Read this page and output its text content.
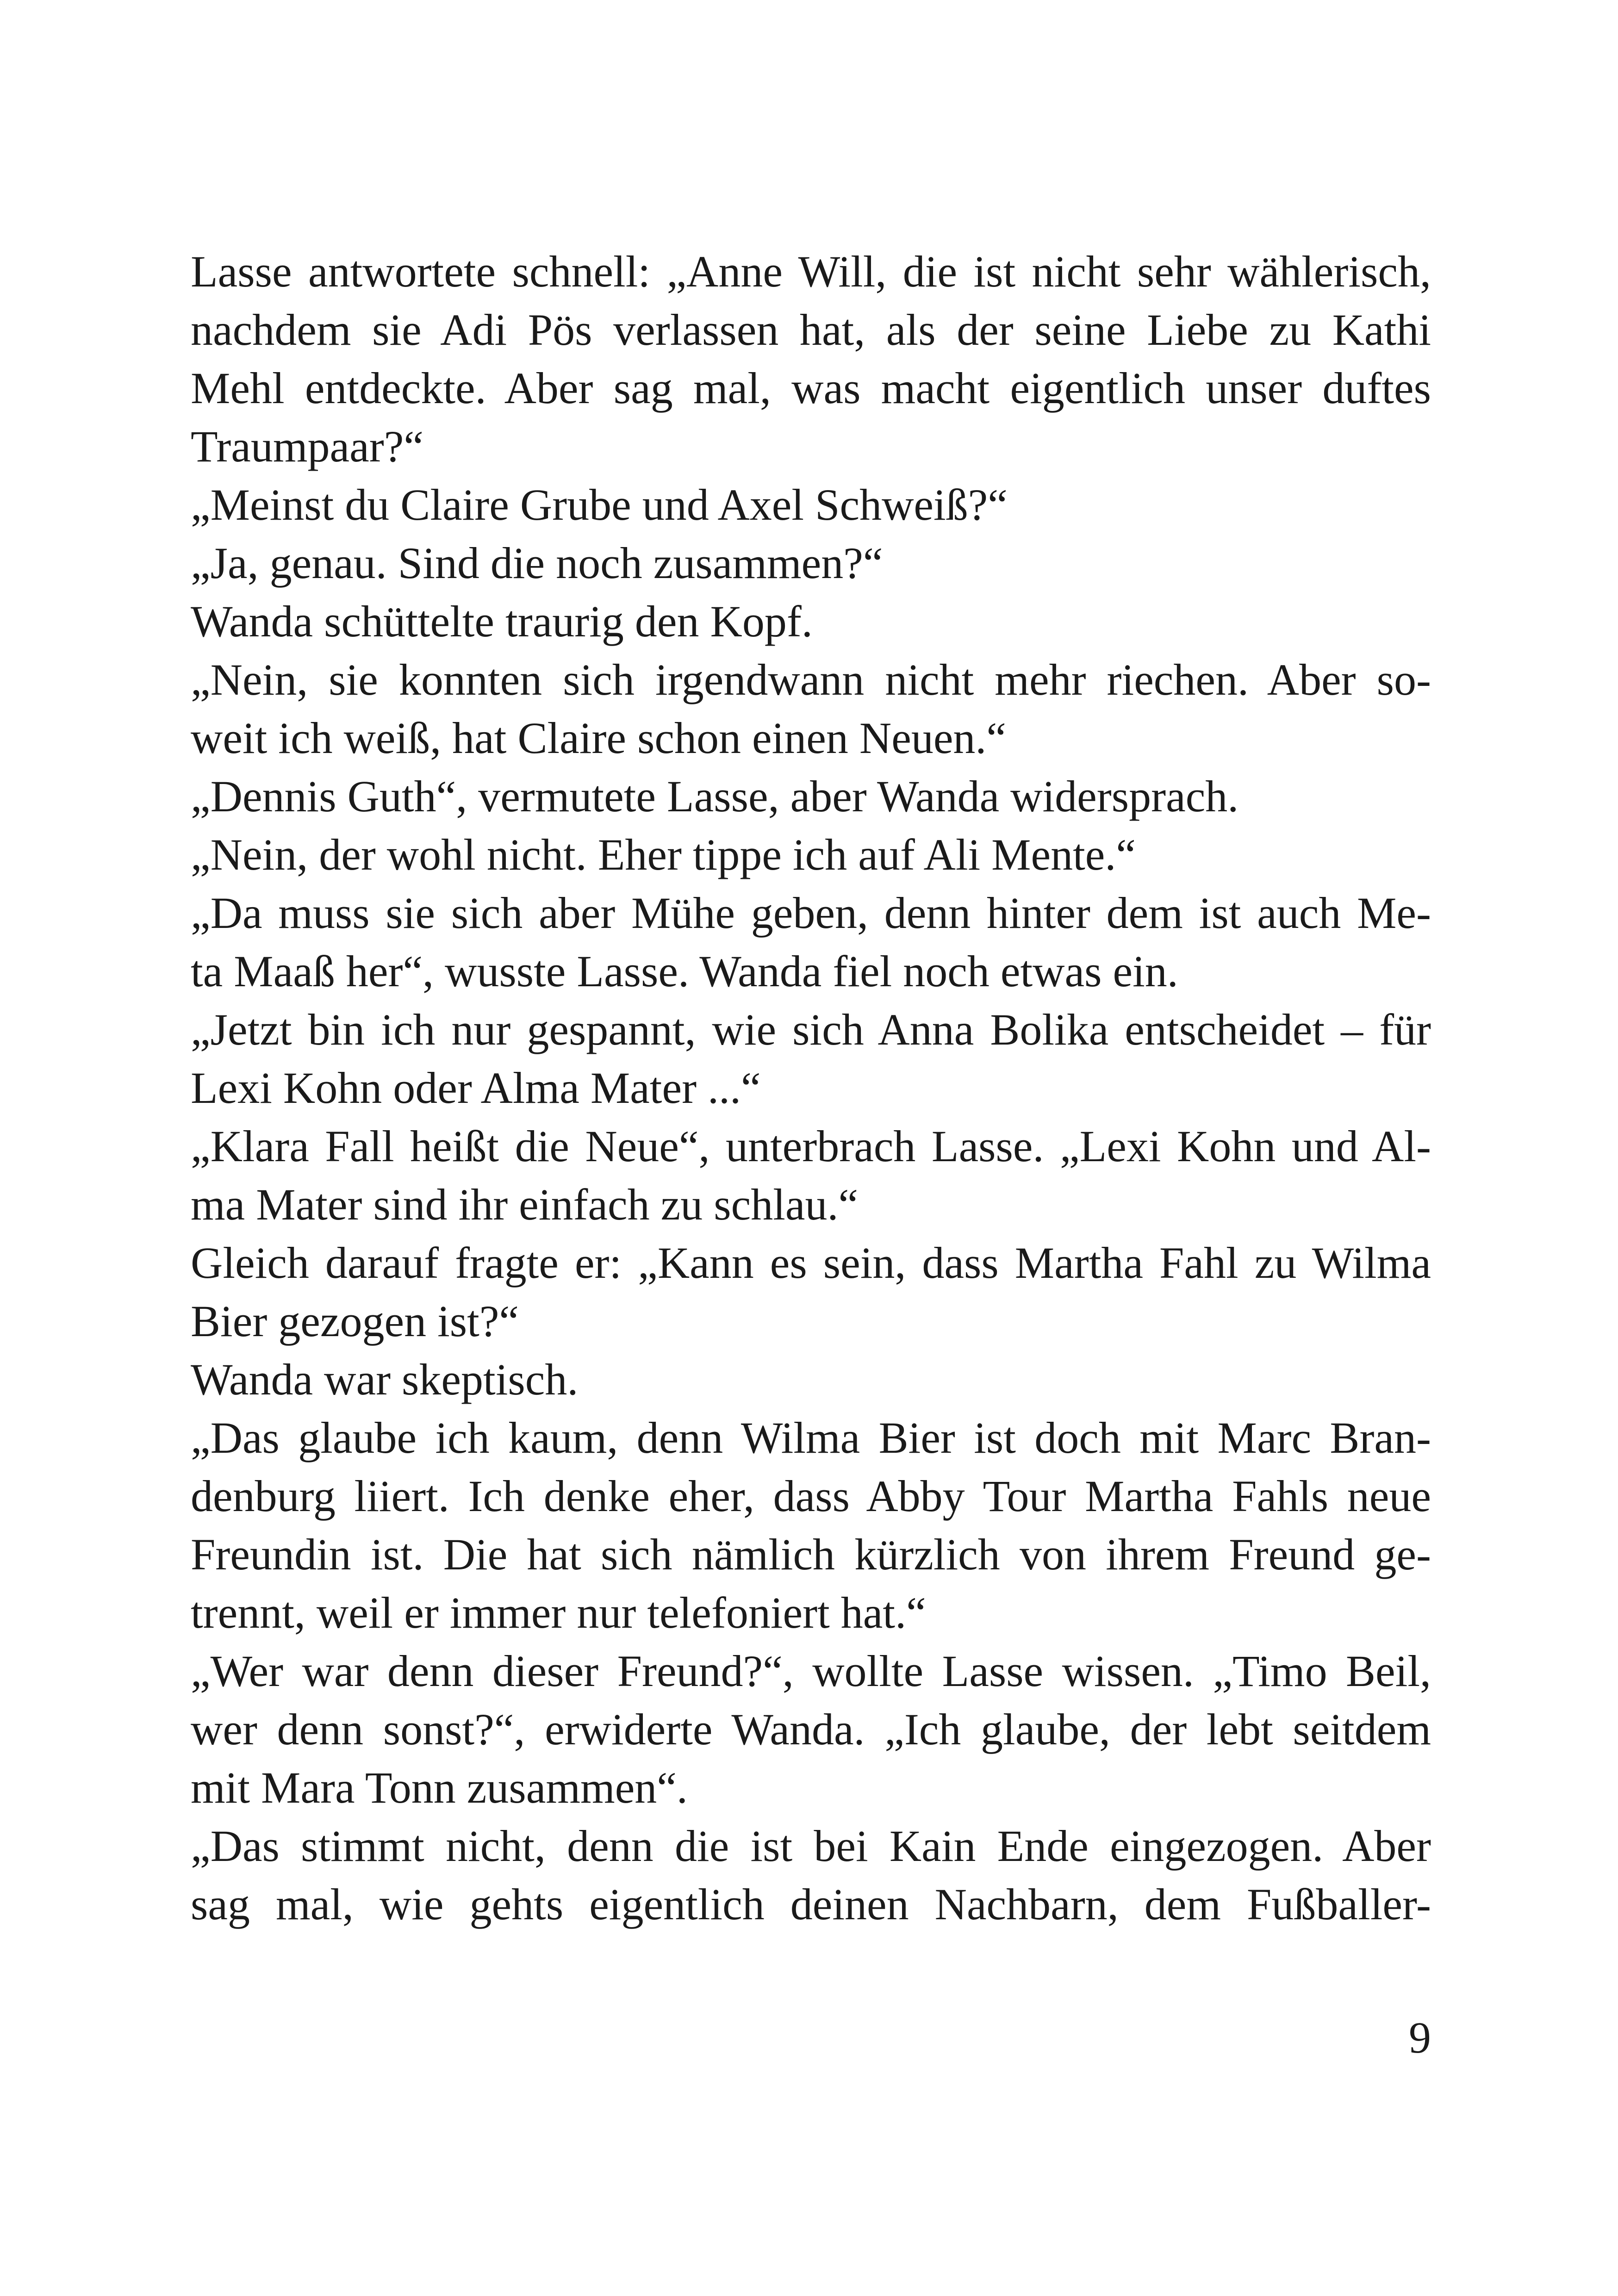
Lasse antwortete schnell: „Anne Will, die ist nicht sehr wählerisch,
nachdem sie Adi Pös verlassen hat, als der seine Liebe zu Kathi
Mehl entdeckte. Aber sag mal, was macht eigentlich unser duftes
Traumpaar?“
„Meinst du Claire Grube und Axel Schweiß?“
„Ja, genau. Sind die noch zusammen?“
Wanda schüttelte traurig den Kopf.
„Nein, sie konnten sich irgendwann nicht mehr riechen. Aber so-
weit ich weiß, hat Claire schon einen Neuen.“
„Dennis Guth“, vermutete Lasse, aber Wanda widersprach.
„Nein, der wohl nicht. Eher tippe ich auf Ali Mente.“
„Da muss sie sich aber Mühe geben, denn hinter dem ist auch Me-
ta Maaß her“, wusste Lasse. Wanda fiel noch etwas ein.
„Jetzt bin ich nur gespannt, wie sich Anna Bolika entscheidet – für
Lexi Kohn oder Alma Mater ...“
„Klara Fall heißt die Neue“, unterbrach Lasse. „Lexi Kohn und Al-
ma Mater sind ihr einfach zu schlau.“
Gleich darauf fragte er: „Kann es sein, dass Martha Fahl zu Wilma
Bier gezogen ist?“
Wanda war skeptisch.
„Das glaube ich kaum, denn Wilma Bier ist doch mit Marc Bran-
denburg liiert. Ich denke eher, dass Abby Tour Martha Fahls neue
Freundin ist. Die hat sich nämlich kürzlich von ihrem Freund ge-
trennt, weil er immer nur telefoniert hat.“
„Wer war denn dieser Freund?“, wollte Lasse wissen. „Timo Beil,
wer denn sonst?“, erwiderte Wanda. „Ich glaube, der lebt seitdem
mit Mara Tonn zusammen“.
„Das stimmt nicht, denn die ist bei Kain Ende eingezogen. Aber
sag mal, wie gehts eigentlich deinen Nachbarn, dem Fußballer-
9
